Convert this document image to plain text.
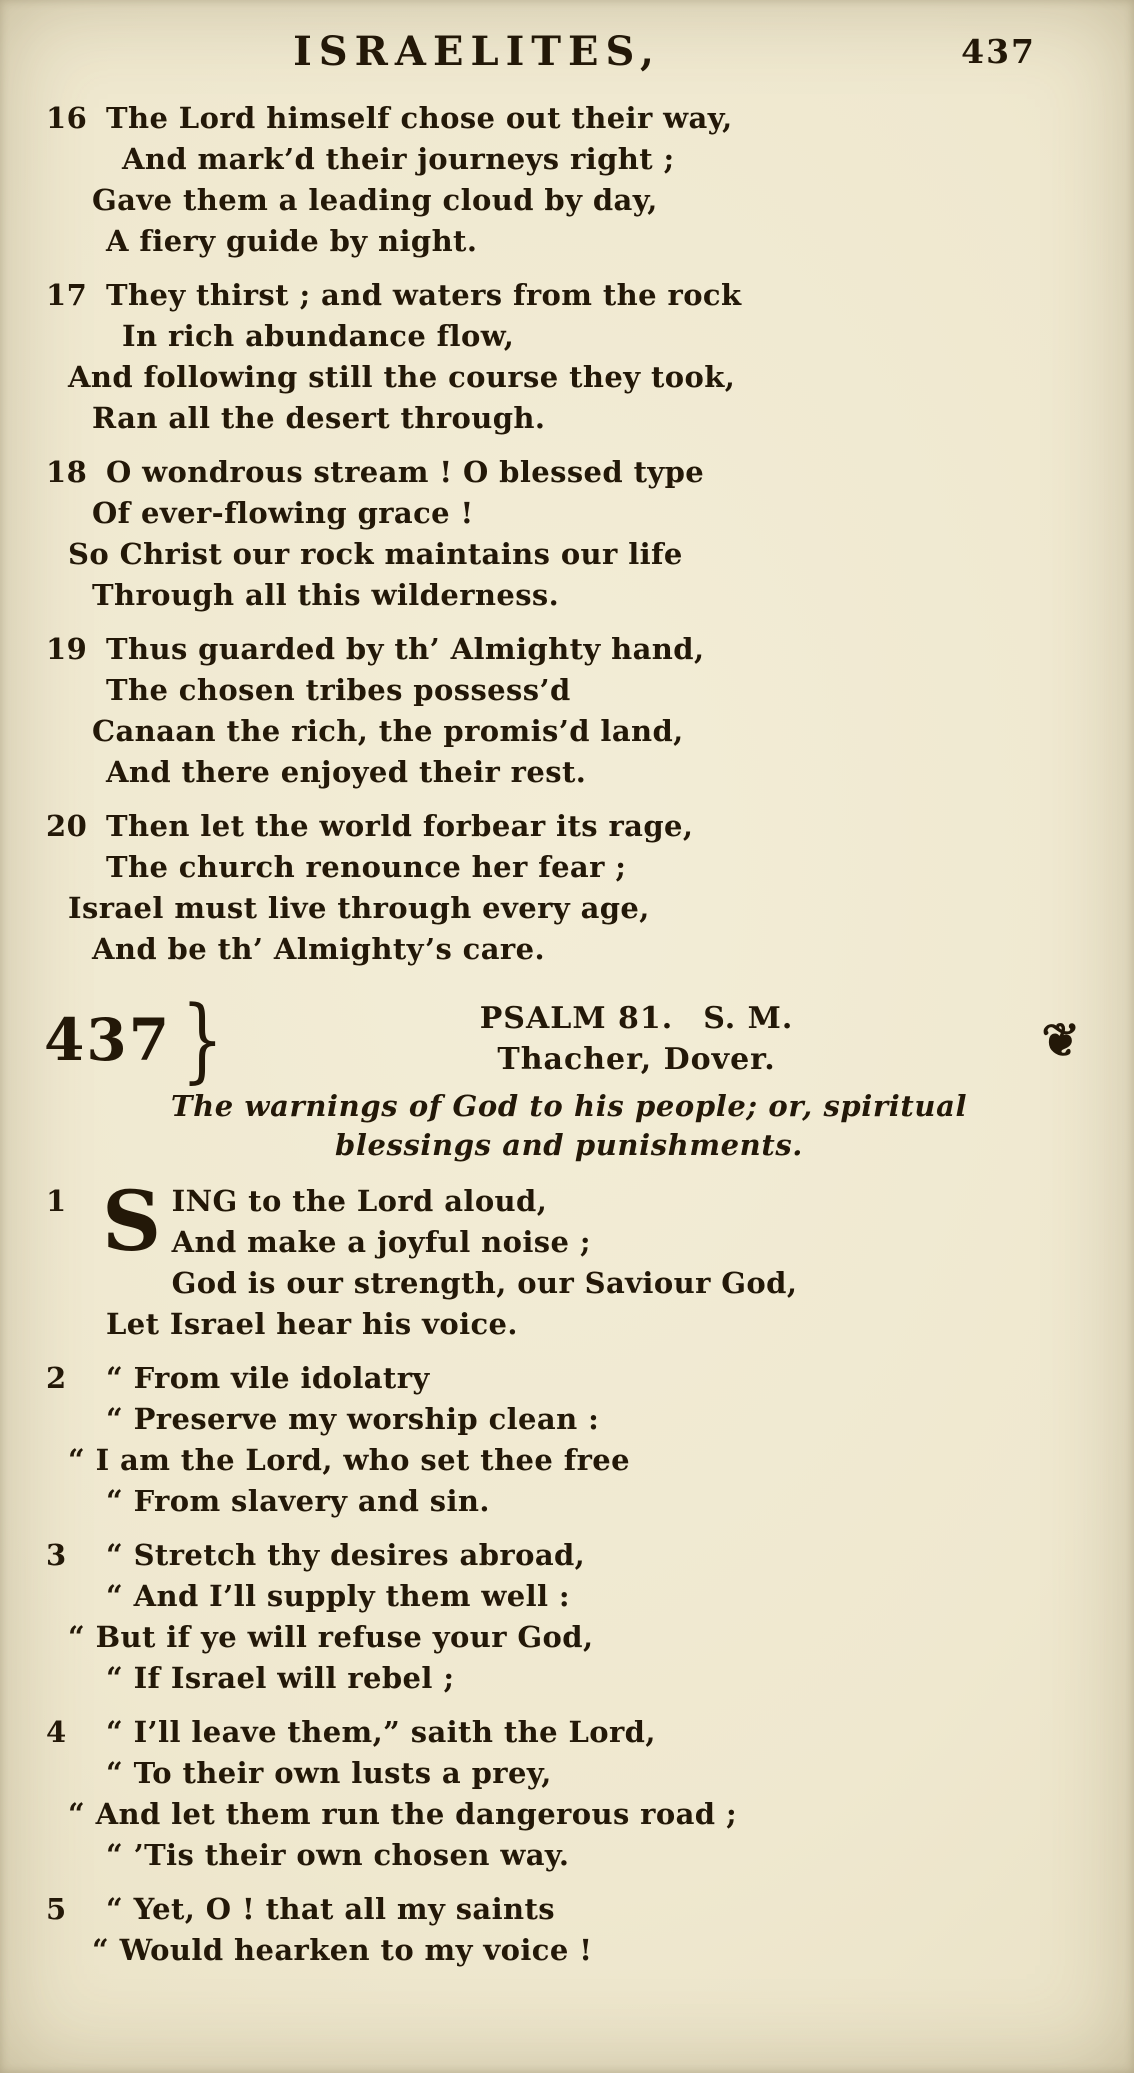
ISRAELITES,	437
16 The Lord himself chose out their way,
And mark’d their journeys right ;
Gave them a leading cloud by day,
A fiery guide by night.
17 They thirst ; and waters from the rock
In rich abundance flow,
And following still the course they took,
Ran all the desert through.
18 O wondrous stream ! O blessed type
Of ever-flowing grace !
So Christ our rock maintains our life
Through all this wilderness.
19 Thus guarded by th’ Almighty hand,
The chosen tribes possess’d
Canaan the rich, the promis’d land,
And there enjoyed their rest.
20 Then let the world forbear its rage,
The church renounce her fear ;
Israel must live through every age,
And be th’ Almighty’s care.
437 }	PSALM 81. S. M.
Thacher, Dover.	❦
The warnings of God to his people; or, spiritual
blessings and punishments.
1 S ING to the Lord aloud,
And make a joyful noise ;
God is our strength, our Saviour God,
Let Israel hear his voice.
2	“ From vile idolatry
“ Preserve my worship clean :
“ I am the Lord, who set thee free
“ From slavery and sin.
3	“ Stretch thy desires abroad,
“ And I’ll supply them well :
“ But if ye will refuse your God,
“ If Israel will rebel ;
4	“ I’ll leave them,” saith the Lord,
“ To their own lusts a prey,
“ And let them run the dangerous road ;
“ ’Tis their own chosen way.
5	“ Yet, O ! that all my saints
“ Would hearken to my voice !
